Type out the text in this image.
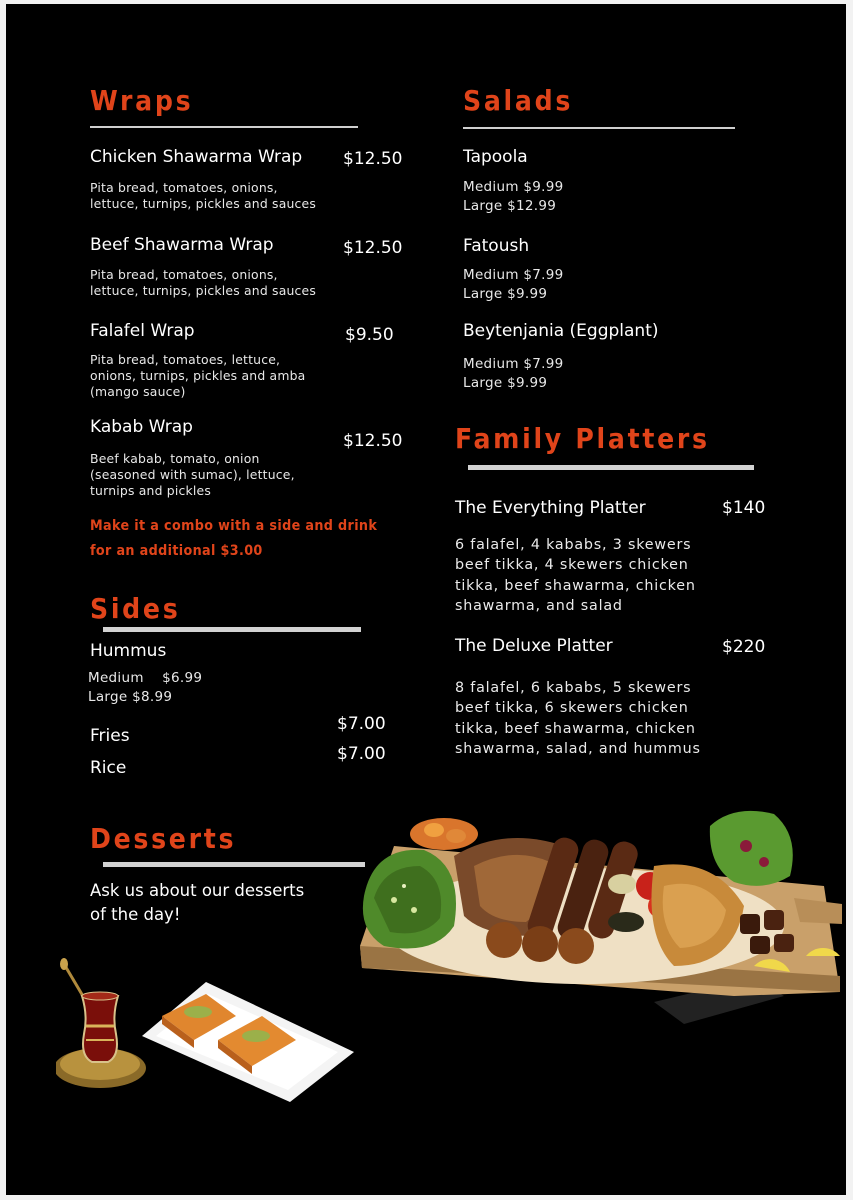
Wraps
Chicken Shawarma Wrap $12.50
Pita bread, tomatoes, onions,
lettuce, turnips, pickles and sauces
Beef Shawarma Wrap	$12.50
Pita bread, tomatoes, onions,
lettuce, turnips, pickles and sauces
Falafel Wrap	$9.50
Pita bread, tomatoes, lettuce,
onions, turnips, pickles and amba
(mango sauce)
Kabab Wrap
$12.50
Beef kabab, tomato, onion
(seasoned with sumac), lettuce,
turnips and pickles
Make it a combo with a side and drink
for an additional $3.00
Sides
Hummus
Medium    $6.99
Large $8.99
Fries
$7.00
Rice
$7.00
Desserts
Ask us about our desserts
of the day!
Salads
Tapoola
Medium $9.99
Large $12.99
Fatoush
Medium $7.99
Large $9.99
Beytenjania (Eggplant)
Medium $7.99
Large $9.99
Family Platters
The Everything Platter	$140
6 falafel, 4 kababs, 3 skewers
beef tikka, 4 skewers chicken
tikka, beef shawarma, chicken
shawarma, and salad
The Deluxe Platter	$220
8 falafel, 6 kababs, 5 skewers
beef tikka, 6 skewers chicken
tikka, beef shawarma, chicken
shawarma, salad, and hummus
